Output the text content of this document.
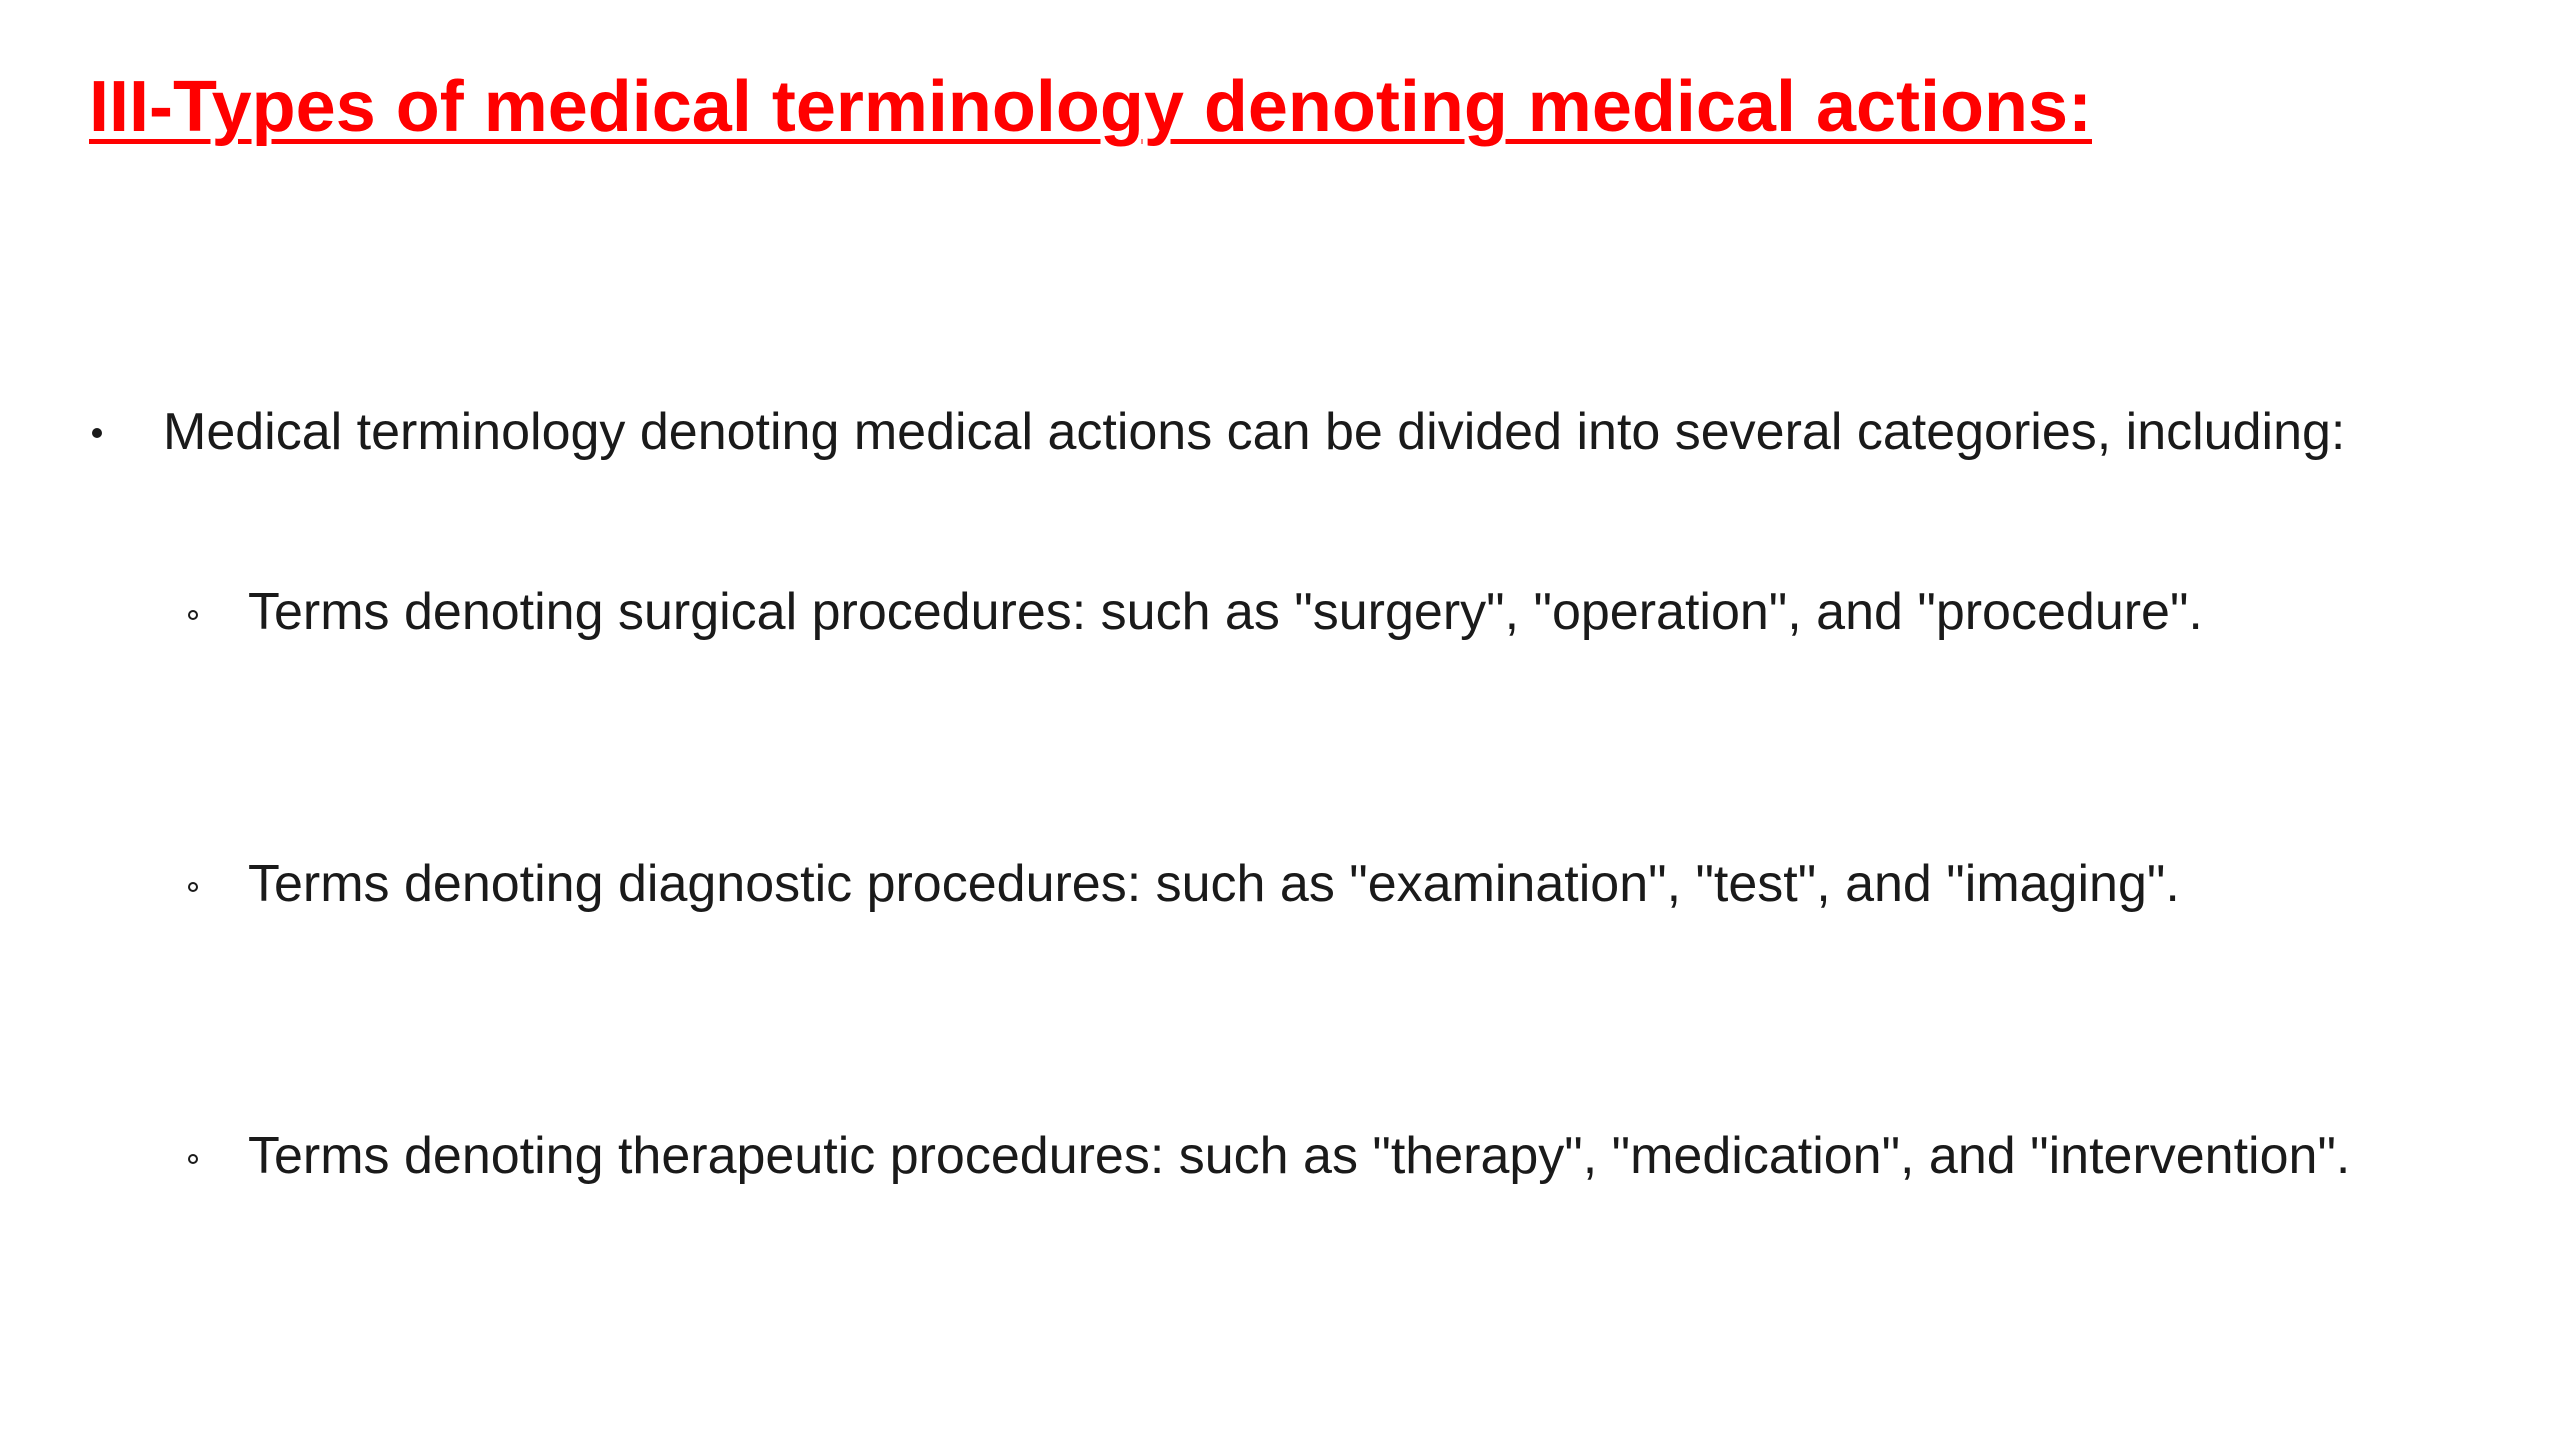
III-Types of medical terminology denoting medical actions:
Medical terminology denoting medical actions can be divided into several categories, including:
Terms denoting surgical procedures: such as "surgery", "operation", and "procedure".
Terms denoting diagnostic procedures: such as "examination", "test", and "imaging".
Terms denoting therapeutic procedures: such as "therapy", "medication", and "intervention".
